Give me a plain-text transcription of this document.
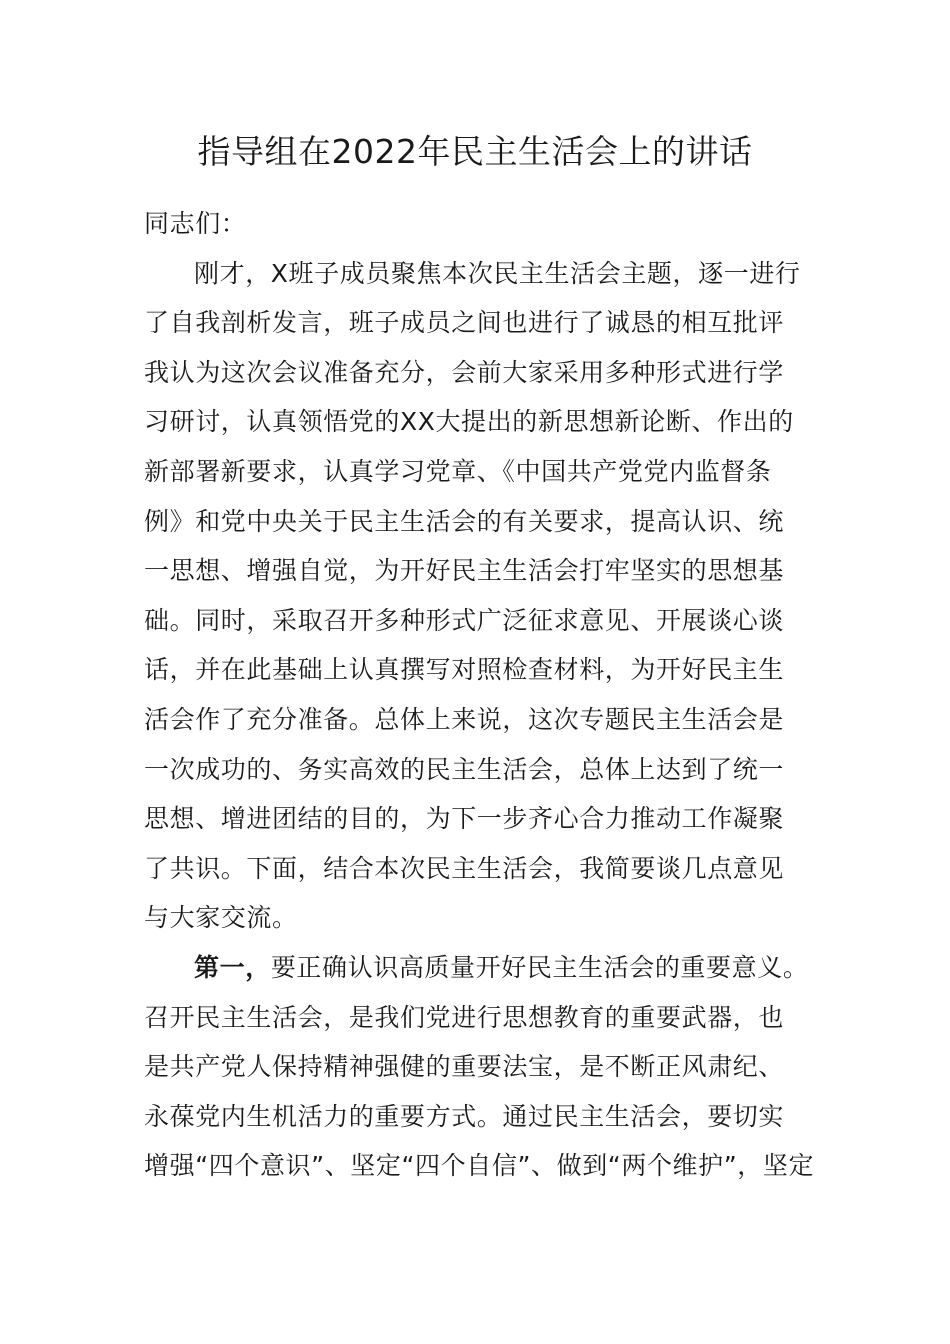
指导组在2022年民主生活会上的讲话
同志们：
刚才，X班子成员聚焦本次民主生活会主题，逐一进行
了自我剖析发言，班子成员之间也进行了诚恳的相互批评
我认为这次会议准备充分，会前大家采用多种形式进行学
习研讨，认真领悟党的XX大提出的新思想新论断、作出的
新部署新要求，认真学习党章、《中国共产党党内监督条
例》和党中央关于民主生活会的有关要求，提高认识、统
一思想、增强自觉，为开好民主生活会打牢坚实的思想基
础。同时，采取召开多种形式广泛征求意见、开展谈心谈
话，并在此基础上认真撰写对照检查材料，为开好民主生
活会作了充分准备。总体上来说，这次专题民主生活会是
一次成功的、务实高效的民主生活会，总体上达到了统一
思想、增进团结的目的，为下一步齐心合力推动工作凝聚
了共识。下面，结合本次民主生活会，我简要谈几点意见
与大家交流。
第一，要正确认识高质量开好民主生活会的重要意义。
召开民主生活会，是我们党进行思想教育的重要武器，也
是共产党人保持精神强健的重要法宝，是不断正风肃纪、
永葆党内生机活力的重要方式。通过民主生活会，要切实
增强“四个意识”、坚定“四个自信”、做到“两个维护”，坚定
